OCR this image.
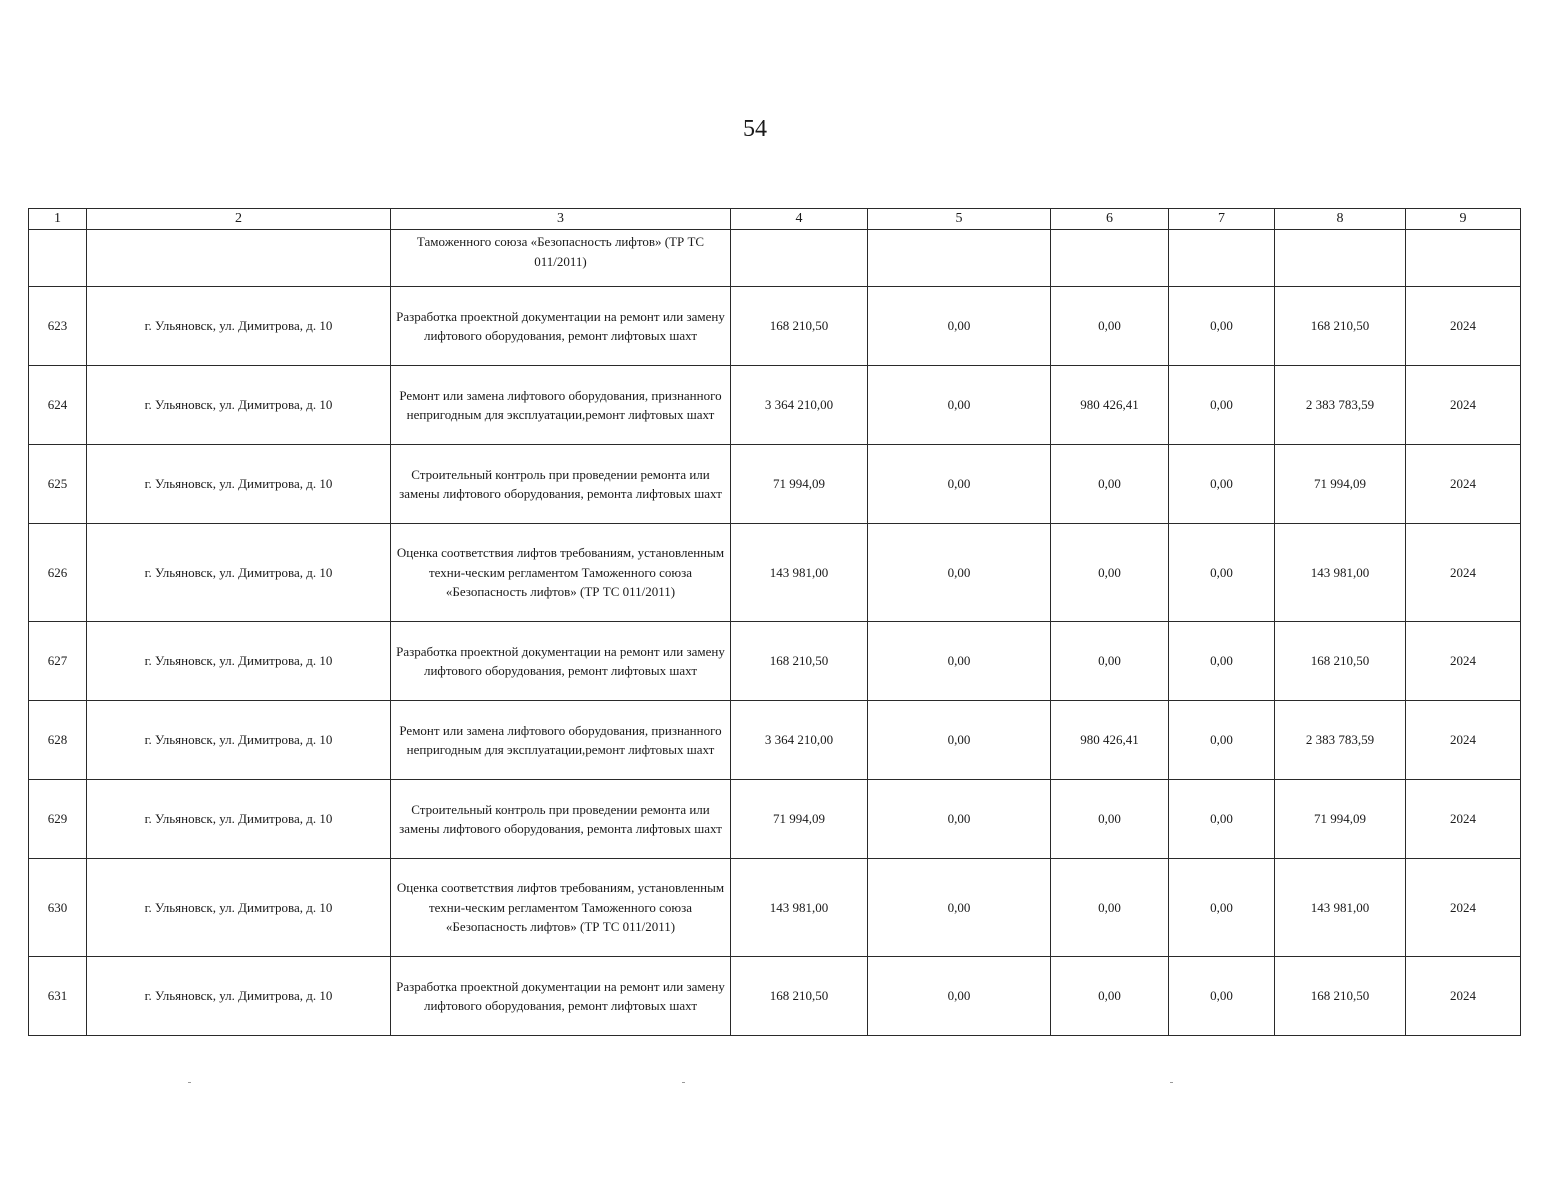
54
1	2	3	4	5	6	7	8	9
		Таможенного союза «Безопасность лифтов» (ТР ТС 011/2011)						
623	г. Ульяновск, ул. Димитрова, д. 10	Разработка проектной документации на ремонт или замену лифтового оборудования, ремонт лифтовых шахт	168 210,50	0,00	0,00	0,00	168 210,50	2024
624	г. Ульяновск, ул. Димитрова, д. 10	Ремонт или замена лифтового оборудования, признанного непригодным для эксплуатации,ремонт лифтовых шахт	3 364 210,00	0,00	980 426,41	0,00	2 383 783,59	2024
625	г. Ульяновск, ул. Димитрова, д. 10	Строительный контроль при проведении ремонта или замены лифтового оборудования, ремонта лифтовых шахт	71 994,09	0,00	0,00	0,00	71 994,09	2024
626	г. Ульяновск, ул. Димитрова, д. 10	Оценка соответствия лифтов требованиям, установленным техни-ческим регламентом Таможенного союза «Безопасность лифтов» (ТР ТС 011/2011)	143 981,00	0,00	0,00	0,00	143 981,00	2024
627	г. Ульяновск, ул. Димитрова, д. 10	Разработка проектной документации на ремонт или замену лифтового оборудования, ремонт лифтовых шахт	168 210,50	0,00	0,00	0,00	168 210,50	2024
628	г. Ульяновск, ул. Димитрова, д. 10	Ремонт или замена лифтового оборудования, признанного непригодным для эксплуатации,ремонт лифтовых шахт	3 364 210,00	0,00	980 426,41	0,00	2 383 783,59	2024
629	г. Ульяновск, ул. Димитрова, д. 10	Строительный контроль при проведении ремонта или замены лифтового оборудования, ремонта лифтовых шахт	71 994,09	0,00	0,00	0,00	71 994,09	2024
630	г. Ульяновск, ул. Димитрова, д. 10	Оценка соответствия лифтов требованиям, установленным техни-ческим регламентом Таможенного союза «Безопасность лифтов» (ТР ТС 011/2011)	143 981,00	0,00	0,00	0,00	143 981,00	2024
631	г. Ульяновск, ул. Димитрова, д. 10	Разработка проектной документации на ремонт или замену лифтового оборудования, ремонт лифтовых шахт	168 210,50	0,00	0,00	0,00	168 210,50	2024
